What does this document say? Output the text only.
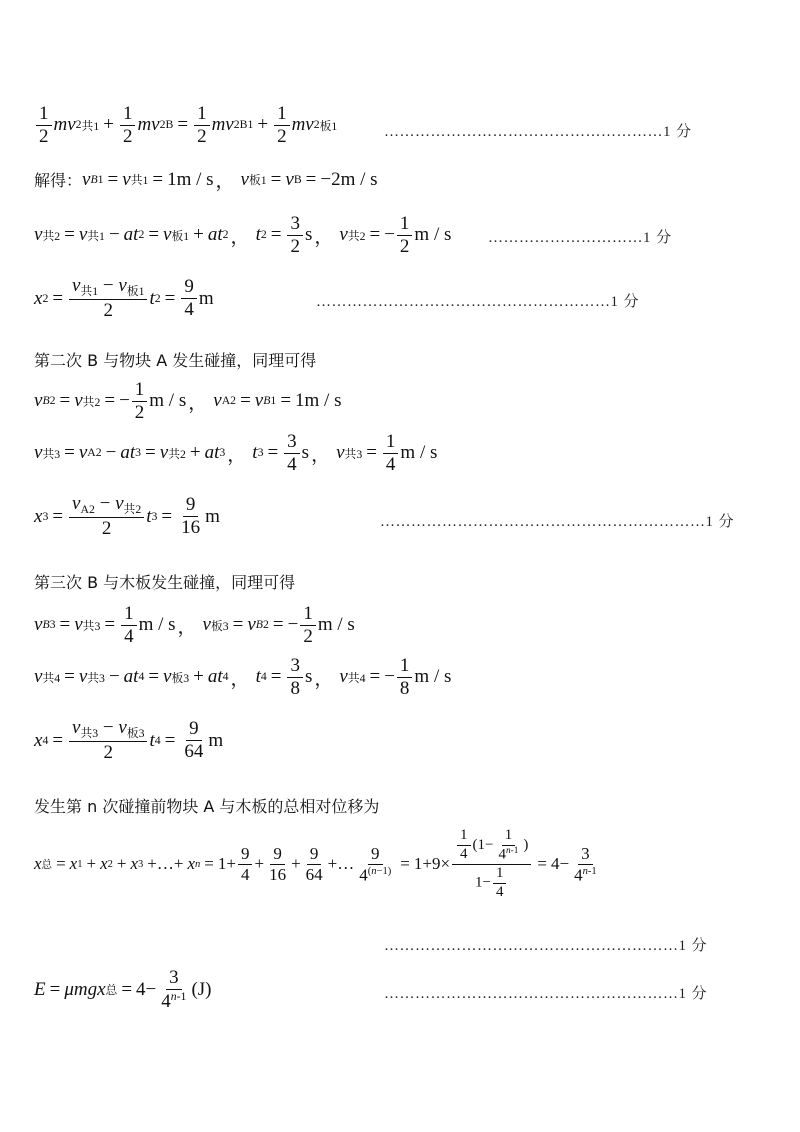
$\frac{1}{2}$ mv 2 共$1 + \frac{1}{2}$ mv 2 $B = \frac{1}{2}$ mv 2 $B1 + \frac{1}{2}$ mv 2 板1	………………………………………………1 分
解得： v B 1 = v 共1 = 1m / s ， v 板1 = v B = −2m / s
v 共2 = v 共1 − at 2 = v 板1 + at 2 ， t $2 = \frac{3}{2}$ s ， v 共2 = − $\frac{1}{2}$ m / s …………………………1 分
x $2 = \frac{v_{共1} - v_{板1}}{2}$ t $2 = \frac{9}{4}$ m	…………………………………………………1 分
第二次 B 与物块 A 发生碰撞，同理可得
v B 2 = v 共2 = − $\frac{1}{2}$ m / s ， v A2 = v B 1 = 1m / s
v 共3 = v A2 − at 3 = v 共2 + at 3 ， t $3 = \frac{3}{4}$ s ， v 共$3 = \frac{1}{4}$ m / s
x $3 = \frac{v_{A2} - v_{共2}}{2}$ t $3 = \frac{9}{16}$ m	………………………………………………………1 分
第三次 B 与木板发生碰撞，同理可得
v B 3 = v 共$3 = \frac{1}{4}$ m / s ， v 板3 = v B 2 = − $\frac{1}{2}$ m / s
v 共4 = v 共3 − at 4 = v 板3 + at 4 ， t $4 = \frac{3}{8}$ s ， v 共4 = − $\frac{1}{8}$ m / s
x $4 = \frac{v_{共3} - v_{板3}}{2}$ t $4 = \frac{9}{64}$ m
发生第 n 次碰撞前物块 A 与木板的总相对位移为
x 总 = x 1 + x 2 + x 3 +…+ x $n = 1+ \frac{9}{4} + \frac{9}{16} + \frac{9}{64}$ +… $\frac{9}{4^{(n-1)}} = 1+9\times \frac{\frac{1}{4} (1- \frac{1}{4^{n-1}} )}{1- \frac{1}{4}} = 4- \frac{3}{4^{n-1}}$
…………………………………………………1 分
E = μmgx 总 = $4- \frac{3}{4^{n-1}} (J)$	…………………………………………………1 分
